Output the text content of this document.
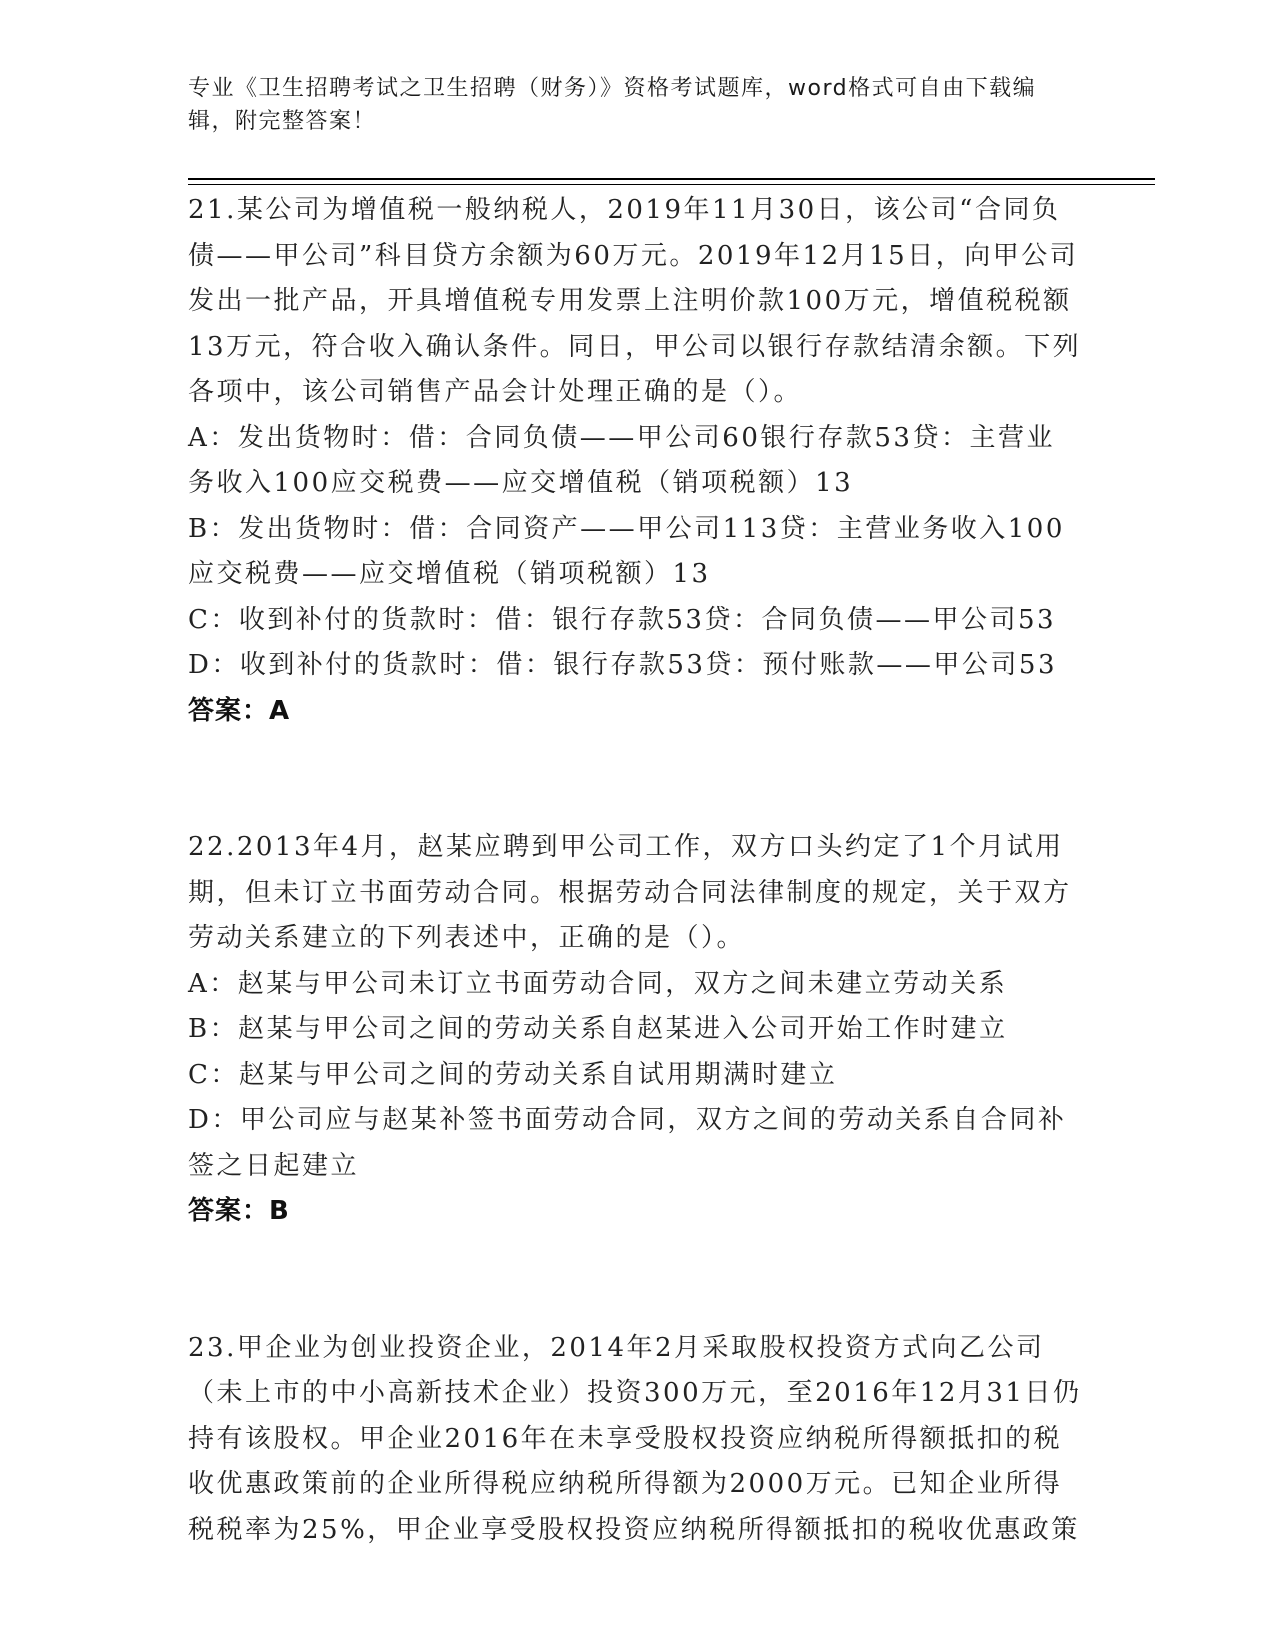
专业《卫生招聘考试之卫生招聘（财务）》资格考试题库，word格式可自由下载编辑，附完整答案！

21.某公司为增值税一般纳税人，2019年11月30日，该公司“合同负债——甲公司”科目贷方余额为60万元。2019年12月15日，向甲公司发出一批产品，开具增值税专用发票上注明价款100万元，增值税税额13万元，符合收入确认条件。同日，甲公司以银行存款结清余额。下列各项中，该公司销售产品会计处理正确的是（）。

A：发出货物时：借：合同负债——甲公司60银行存款53贷：主营业务收入100应交税费——应交增值税（销项税额）13

B：发出货物时：借：合同资产——甲公司113贷：主营业务收入100应交税费——应交增值税（销项税额）13

C：收到补付的货款时：借：银行存款53贷：合同负债——甲公司53

D：收到补付的货款时：借：银行存款53贷：预付账款——甲公司53

答案：A

22.2013年4月，赵某应聘到甲公司工作，双方口头约定了1个月试用期，但未订立书面劳动合同。根据劳动合同法律制度的规定，关于双方劳动关系建立的下列表述中，正确的是（）。

A：赵某与甲公司未订立书面劳动合同，双方之间未建立劳动关系

B：赵某与甲公司之间的劳动关系自赵某进入公司开始工作时建立

C：赵某与甲公司之间的劳动关系自试用期满时建立

D：甲公司应与赵某补签书面劳动合同，双方之间的劳动关系自合同补签之日起建立

答案：B

23.甲企业为创业投资企业，2014年2月采取股权投资方式向乙公司（未上市的中小高新技术企业）投资300万元，至2016年12月31日仍持有该股权。甲企业2016年在未享受股权投资应纳税所得额抵扣的税收优惠政策前的企业所得税应纳税所得额为2000万元。已知企业所得税税率为25%，甲企业享受股权投资应纳税所得额抵扣的税收优惠政策
